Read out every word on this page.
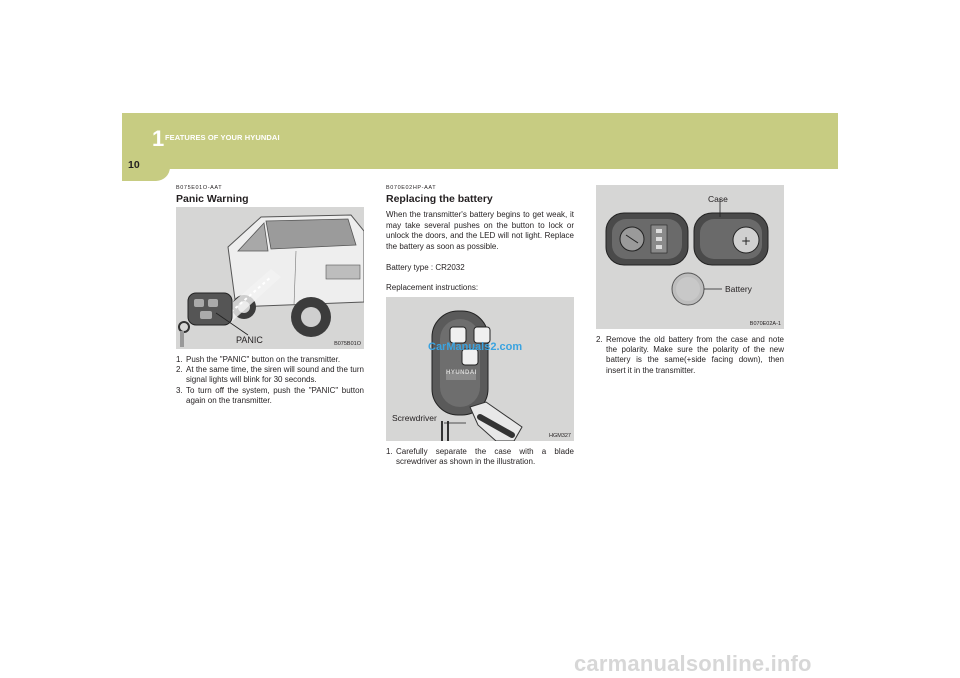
1 FEATURES OF YOUR HYUNDAI
10
B075E01O-AAT
Panic Warning
PANIC	B075B01O
1. Push the "PANIC" button on the transmitter.
2. At the same time, the siren will sound and the turn signal lights will blink for 30 seconds.
3. To turn off the system, push the "PANIC" button again on the transmitter.
B070E02HP-AAT
Replacing the battery
When the transmitter's battery begins to get weak, it may take several pushes on the button to lock or unlock the doors, and the LED will not light. Replace the battery as soon as possible.
Battery type : CR2032
Replacement instructions:
HYUNDAI
CarManuals2.com
Screwdriver
HGM327
1. Carefully separate the case with a blade screwdriver as shown in the illustration.
+
Case
Battery
B070E02A-1
2. Remove the old battery from the case and note the polarity. Make sure the polarity of the new battery is the same(+side facing down), then insert it in the transmitter.
carmanualsonline.info
